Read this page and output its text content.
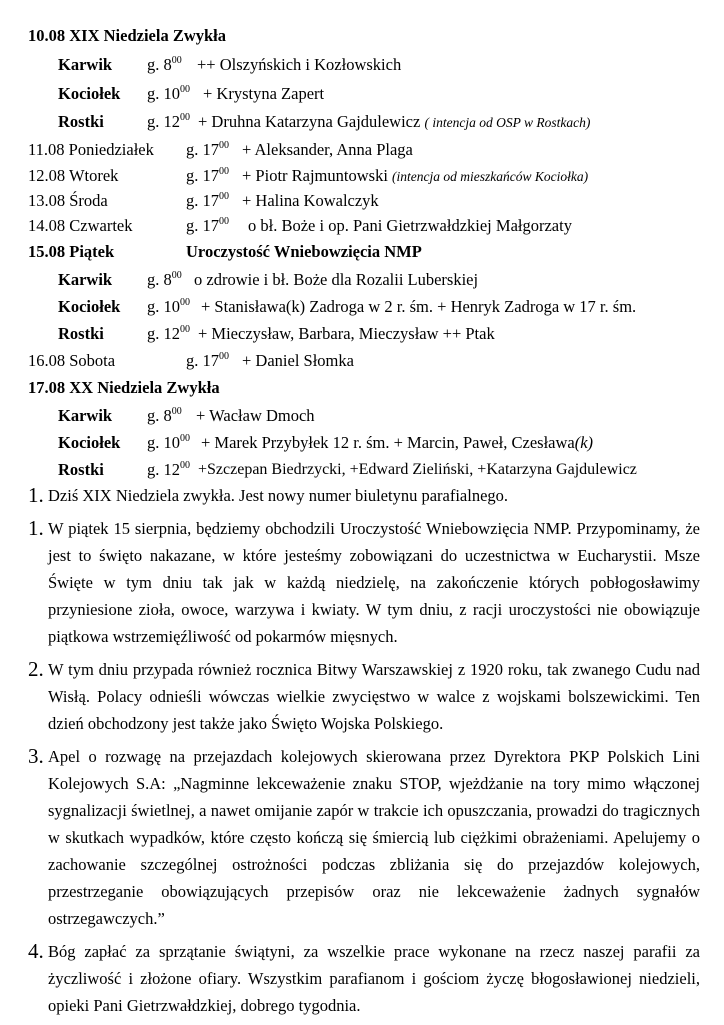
10.08 XIX Niedziela Zwykła
Karwik g. $8^{00}$ ++ Olszyńskich i Kozłowskich
Kociołek g. $10^{00}$ + Krystyna Zapert
Rostki	g. $12^{00}$ + Druhna Katarzyna Gajdulewicz ( intencja od OSP w Rostkach)
11.08 Poniedziałek g. $17^{00}$ + Aleksander, Anna Plaga
12.08 Wtorek	g. $17^{00}$ + Piotr Rajmuntowski (intencja od mieszkańców Kociołka)
13.08 Środa	g. $17^{00}$ + Halina Kowalczyk
14.08 Czwartek	g. $17^{00}$ o bł. Boże i op. Pani Gietrzwałdzkiej Małgorzaty
15.08 Piątek	Uroczystość Wniebowzięcia NMP
Karwik g. $8^{00}$ o zdrowie i bł. Boże dla Rozalii Luberskiej
Kociołek g. $10^{00}$ + Stanisława(k) Zadroga w 2 r. śm. + Henryk Zadroga w 17 r. śm.
Rostki	g. $12^{00}$ + Mieczysław, Barbara, Mieczysław ++ Ptak
16.08 Sobota	g. $17^{00}$ + Daniel Słomka
17.08 XX Niedziela Zwykła
Karwik g. $8^{00}$ + Wacław Dmoch
Kociołek g. $10^{00}$ + Marek Przybyłek 12 r. śm. + Marcin, Paweł, Czesława(k)
Rostki	g. $12^{00}$ +Szczepan Biedrzycki, +Edward Zieliński, +Katarzyna Gajdulewicz
1. Dziś XIX Niedziela zwykła. Jest nowy numer biuletynu parafialnego.
1. W piątek 15 sierpnia, będziemy obchodzili Uroczystość Wniebowzięcia NMP. Przypominamy, że jest to święto nakazane, w które jesteśmy zobowiązani do uczestnictwa w Eucharystii. Msze Święte w tym dniu tak jak w każdą niedzielę, na zakończenie których pobłogosławimy przyniesione zioła, owoce, warzywa i kwiaty. W tym dniu, z racji uroczystości nie obowiązuje piątkowa wstrzemięźliwość od pokarmów mięsnych.
2. W tym dniu przypada również rocznica Bitwy Warszawskiej z 1920 roku, tak zwanego Cudu nad Wisłą. Polacy odnieśli wówczas wielkie zwycięstwo w walce z wojskami bolszewickimi. Ten dzień obchodzony jest także jako Święto Wojska Polskiego.
3. Apel o rozwagę na przejazdach kolejowych skierowana przez Dyrektora PKP Polskich Lini Kolejowych S.A: „Nagminne lekceważenie znaku STOP, wjeżdżanie na tory mimo włączonej sygnalizacji świetlnej, a nawet omijanie zapór w trakcie ich opuszczania, prowadzi do tragicznych w skutkach wypadków, które często kończą się śmiercią lub ciężkimi obrażeniami. Apelujemy o zachowanie szczególnej ostrożności podczas zbliżania się do przejazdów kolejowych, przestrzeganie obowiązujących przepisów oraz nie lekceważenie żadnych sygnałów ostrzegawczych.”
4. Bóg zapłać za sprzątanie świątyni, za wszelkie prace wykonane na rzecz naszej parafii za życzliwość i złożone ofiary. Wszystkim parafianom i gościom życzę błogosławionej niedzieli, opieki Pani Gietrzwałdzkiej, dobrego tygodnia.
